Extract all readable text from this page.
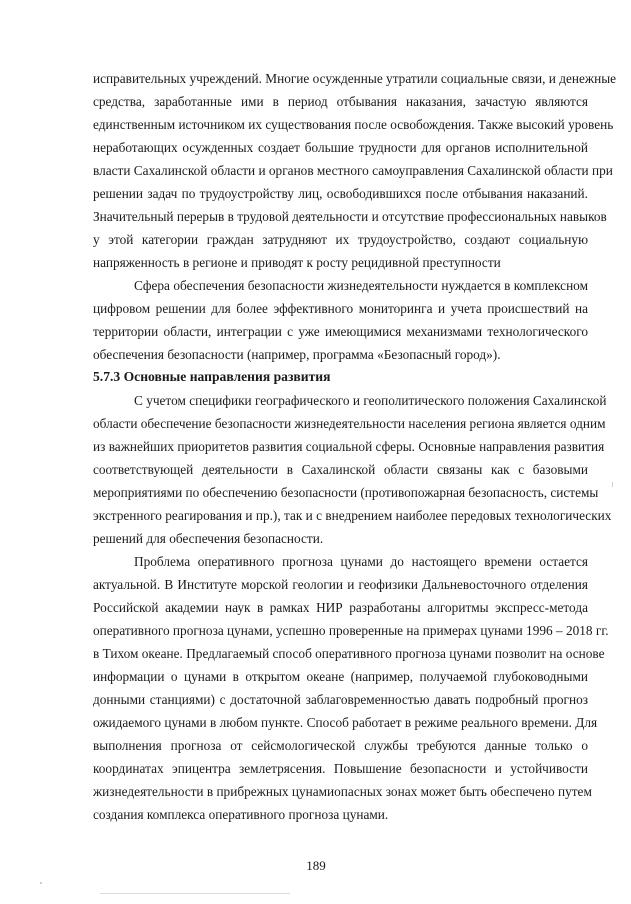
исправительных учреждений. Многие осужденные утратили социальные связи, и денежные
средства, заработанные ими в период отбывания наказания, зачастую являются
единственным источником их существования после освобождения. Также высокий уровень
неработающих осужденных создает большие трудности для органов исполнительной
власти Сахалинской области и органов местного самоуправления Сахалинской области при
решении задач по трудоустройству лиц, освободившихся после отбывания наказаний.
Значительный перерыв в трудовой деятельности и отсутствие профессиональных навыков
у этой категории граждан затрудняют их трудоустройство, создают социальную
напряженность в регионе и приводят к росту рецидивной преступности
Сфера обеспечения безопасности жизнедеятельности нуждается в комплексном
цифровом решении для более эффективного мониторинга и учета происшествий на
территории области, интеграции с уже имеющимися механизмами технологического
обеспечения безопасности (например, программа «Безопасный город»).
5.7.3 Основные направления развития
С учетом специфики географического и геополитического положения Сахалинской
области обеспечение безопасности жизнедеятельности населения региона является одним
из важнейших приоритетов развития социальной сферы. Основные направления развития
соответствующей деятельности в Сахалинской области связаны как с базовыми
мероприятиями по обеспечению безопасности (противопожарная безопасность, системы
экстренного реагирования и пр.), так и с внедрением наиболее передовых технологических
решений для обеспечения безопасности.
Проблема оперативного прогноза цунами до настоящего времени остается
актуальной. В Институте морской геологии и геофизики Дальневосточного отделения
Российской академии наук в рамках НИР разработаны алгоритмы экспресс-метода
оперативного прогноза цунами, успешно проверенные на примерах цунами 1996 – 2018 гг.
в Тихом океане. Предлагаемый способ оперативного прогноза цунами позволит на основе
информации о цунами в открытом океане (например, получаемой глубоководными
донными станциями) с достаточной заблаговременностью давать подробный прогноз
ожидаемого цунами в любом пункте. Способ работает в режиме реального времени. Для
выполнения прогноза от сейсмологической службы требуются данные только о
координатах эпицентра землетрясения. Повышение безопасности и устойчивости
жизнедеятельности в прибрежных цунамиопасных зонах может быть обеспечено путем
создания комплекса оперативного прогноза цунами.
189
